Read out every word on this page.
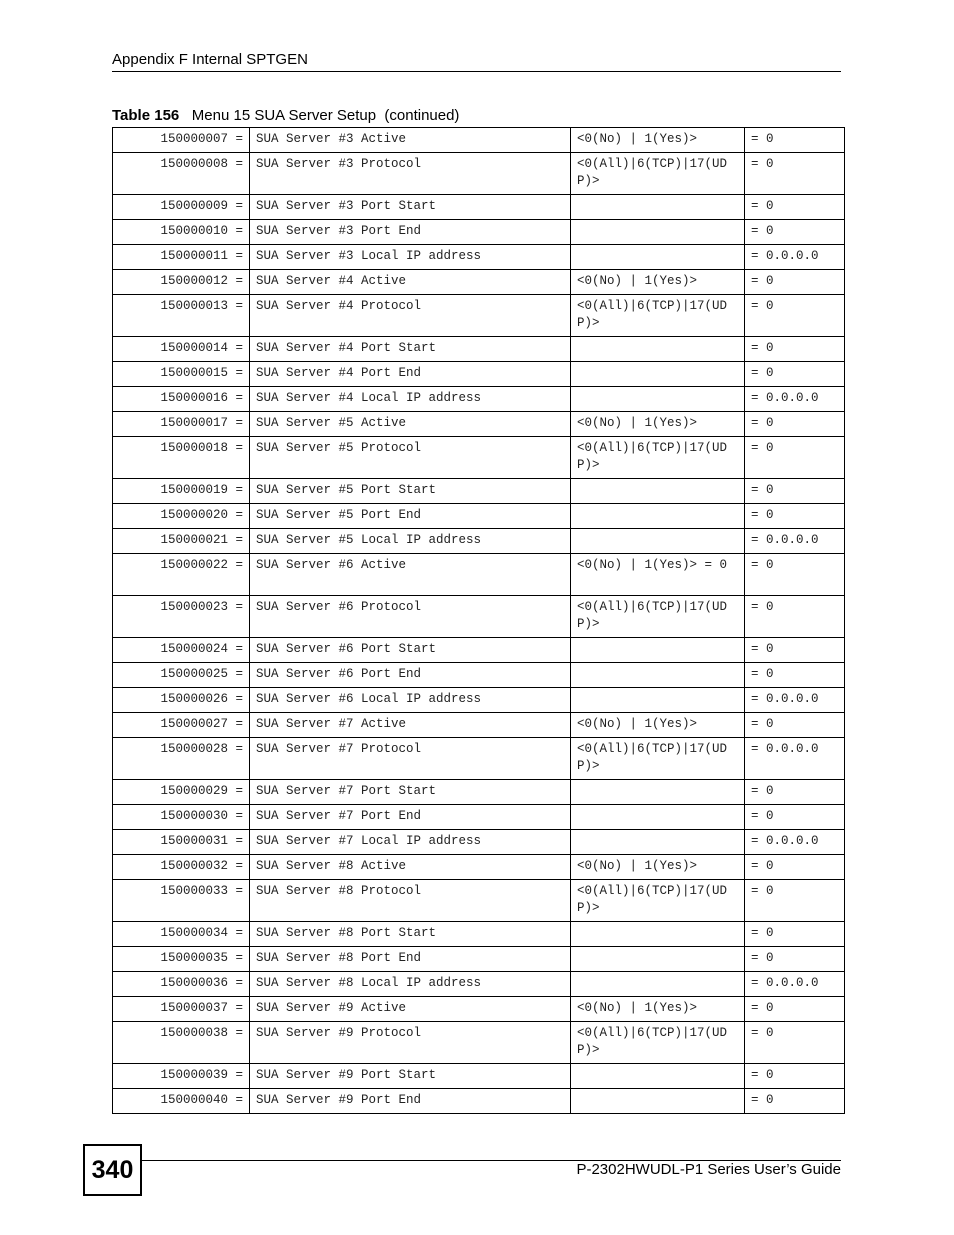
Appendix F Internal SPTGEN
Table 156 Menu 15 SUA Server Setup  (continued)
150000007 =	SUA Server #3 Active	<0(No) | 1(Yes)>	= 0
150000008 =	SUA Server #3 Protocol	<0(All)|6(TCP)|17(UDP)>	= 0
150000009 =	SUA Server #3 Port Start		= 0
150000010 =	SUA Server #3 Port End		= 0
150000011 =	SUA Server #3 Local IP address		= 0.0.0.0
150000012 =	SUA Server #4 Active	<0(No) | 1(Yes)>	= 0
150000013 =	SUA Server #4 Protocol	<0(All)|6(TCP)|17(UDP)>	= 0
150000014 =	SUA Server #4 Port Start		= 0
150000015 =	SUA Server #4 Port End		= 0
150000016 =	SUA Server #4 Local IP address		= 0.0.0.0
150000017 =	SUA Server #5 Active	<0(No) | 1(Yes)>	= 0
150000018 =	SUA Server #5 Protocol	<0(All)|6(TCP)|17(UDP)>	= 0
150000019 =	SUA Server #5 Port Start		= 0
150000020 =	SUA Server #5 Port End		= 0
150000021 =	SUA Server #5 Local IP address		= 0.0.0.0
150000022 =	SUA Server #6 Active	<0(No) | 1(Yes)> = 0	= 0
150000023 =	SUA Server #6 Protocol	<0(All)|6(TCP)|17(UDP)>	= 0
150000024 =	SUA Server #6 Port Start		= 0
150000025 =	SUA Server #6 Port End		= 0
150000026 =	SUA Server #6 Local IP address		= 0.0.0.0
150000027 =	SUA Server #7 Active	<0(No) | 1(Yes)>	= 0
150000028 =	SUA Server #7 Protocol	<0(All)|6(TCP)|17(UDP)>	= 0.0.0.0
150000029 =	SUA Server #7 Port Start		= 0
150000030 =	SUA Server #7 Port End		= 0
150000031 =	SUA Server #7 Local IP address		= 0.0.0.0
150000032 =	SUA Server #8 Active	<0(No) | 1(Yes)>	= 0
150000033 =	SUA Server #8 Protocol	<0(All)|6(TCP)|17(UDP)>	= 0
150000034 =	SUA Server #8 Port Start		= 0
150000035 =	SUA Server #8 Port End		= 0
150000036 =	SUA Server #8 Local IP address		= 0.0.0.0
150000037 =	SUA Server #9 Active	<0(No) | 1(Yes)>	= 0
150000038 =	SUA Server #9 Protocol	<0(All)|6(TCP)|17(UDP)>	= 0
150000039 =	SUA Server #9 Port Start		= 0
150000040 =	SUA Server #9 Port End		= 0
340	P-2302HWUDL-P1 Series User’s Guide
